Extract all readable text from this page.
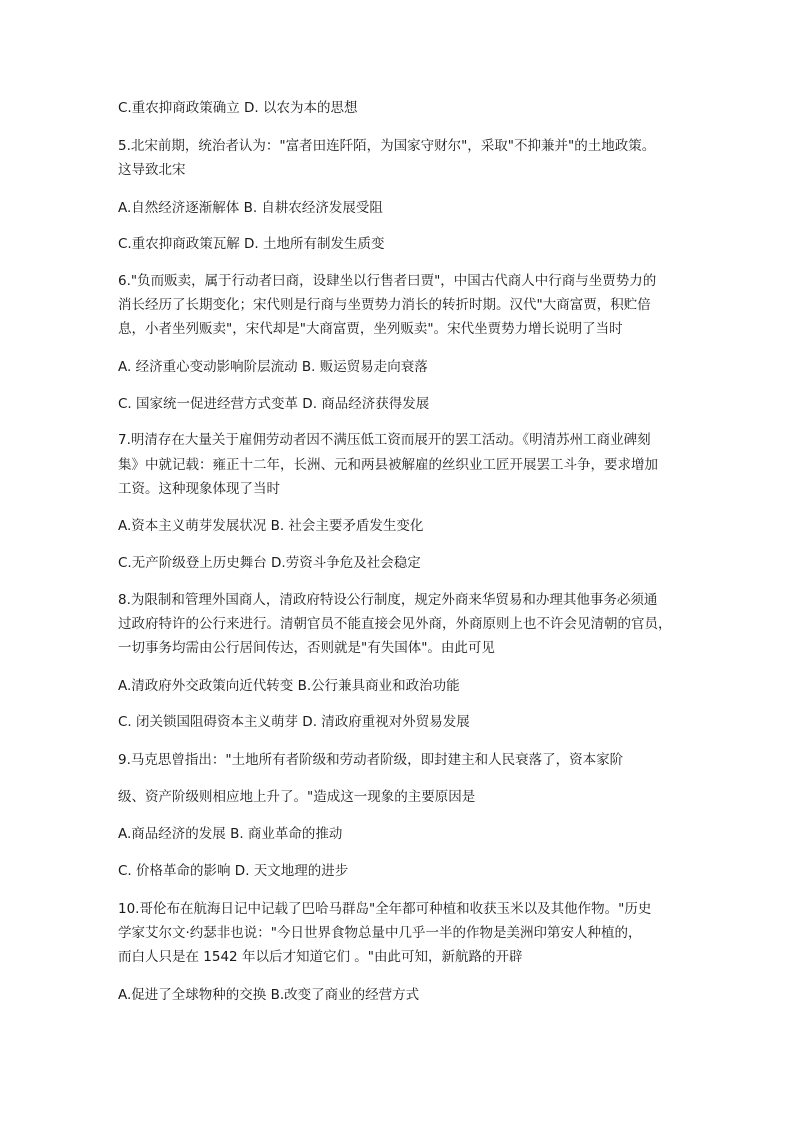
C.重农抑商政策确立 D. 以农为本的思想
5.北宋前期，统治者认为："富者田连阡陌，为国家守财尔"，采取"不抑兼并"的土地政策。
这导致北宋
A.自然经济逐渐解体 B. 自耕农经济发展受阻
C.重农抑商政策瓦解 D. 土地所有制发生质变
6."负而贩卖，属于行动者曰商，设肆坐以行售者曰贾"，中国古代商人中行商与坐贾势力的
消长经历了长期变化；宋代则是行商与坐贾势力消长的转折时期。汉代"大商富贾，积贮倍
息，小者坐列贩卖"，宋代却是"大商富贾，坐列贩卖"。宋代坐贾势力增长说明了当时
A. 经济重心变动影响阶层流动 B. 贩运贸易走向衰落
C. 国家统一促进经营方式变革 D. 商品经济获得发展
7.明清存在大量关于雇佣劳动者因不满压低工资而展开的罢工活动。《明清苏州工商业碑刻
集》中就记载：雍正十二年，长洲、元和两县被解雇的丝织业工匠开展罢工斗争，要求增加
工资。这种现象体现了当时
A.资本主义萌芽发展状况 B. 社会主要矛盾发生变化
C.无产阶级登上历史舞台 D.劳资斗争危及社会稳定
8.为限制和管理外国商人，清政府特设公行制度，规定外商来华贸易和办理其他事务必须通
过政府特许的公行来进行。清朝官员不能直接会见外商，外商原则上也不许会见清朝的官员，
一切事务均需由公行居间传达，否则就是"有失国体"。由此可见
A.清政府外交政策向近代转变 B.公行兼具商业和政治功能
C. 闭关锁国阻碍资本主义萌芽 D. 清政府重视对外贸易发展
9.马克思曾指出："土地所有者阶级和劳动者阶级，即封建主和人民衰落了，资本家阶
级、资产阶级则相应地上升了。"造成这一现象的主要原因是
A.商品经济的发展 B. 商业革命的推动
C. 价格革命的影响 D. 天文地理的进步
10.哥伦布在航海日记中记载了巴哈马群岛"全年都可种植和收获玉米以及其他作物。"历史
学家艾尔文·约瑟非也说："今日世界食物总量中几乎一半的作物是美洲印第安人种植的，
而白人只是在 1542 年以后才知道它们 。"由此可知，新航路的开辟
A.促进了全球物种的交换 B.改变了商业的经营方式
